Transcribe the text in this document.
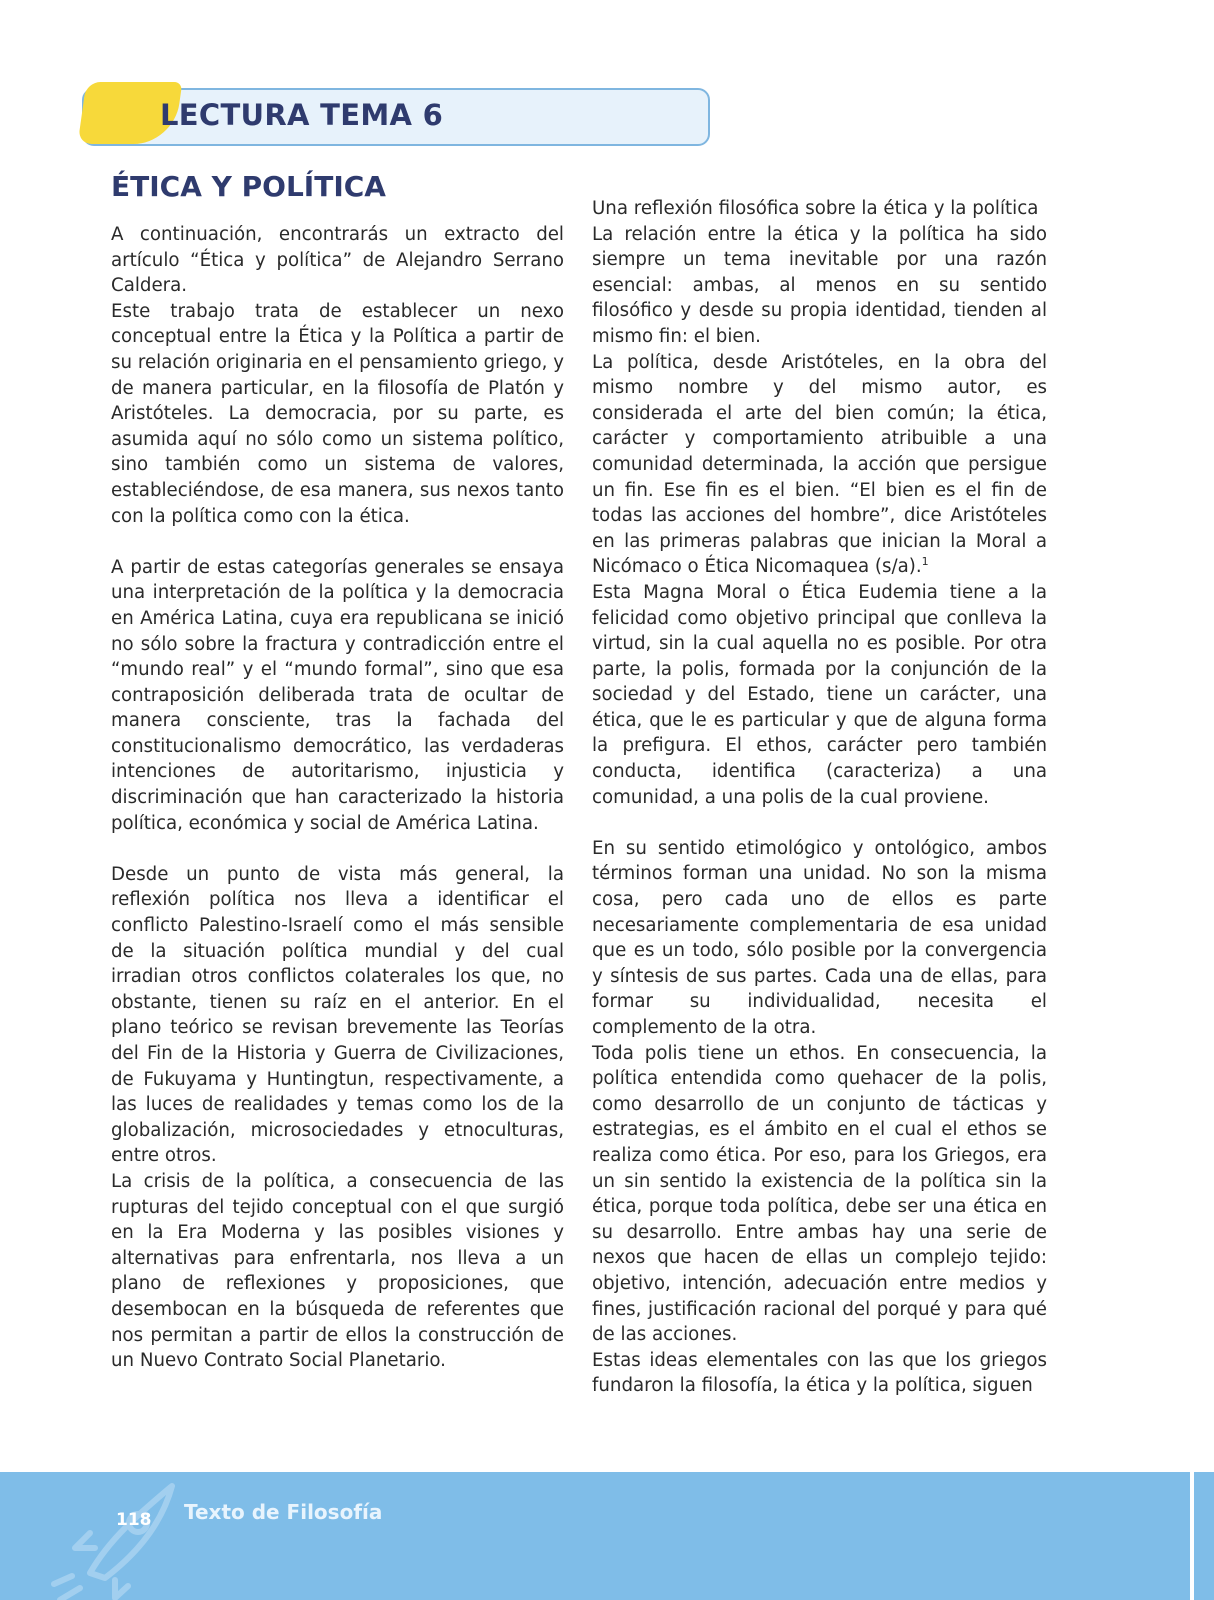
LECTURA TEMA 6
ÉTICA Y POLÍTICA

A continuación, encontrarás un extracto del artículo “Ética y política” de Alejandro Serrano Caldera.

Este trabajo trata de establecer un nexo conceptual entre la Ética y la Política a partir de su relación originaria en el pensamiento griego, y de manera particular, en la filosofía de Platón y Aristóteles. La democracia, por su parte, es asumida aquí no sólo como un sistema político, sino también como un sistema de valores, estableciéndose, de esa manera, sus nexos tanto con la política como con la ética.

A partir de estas categorías generales se ensaya una interpretación de la política y la democracia en América Latina, cuya era republicana se inició no sólo sobre la fractura y contradicción entre el “mundo real” y el “mundo formal”, sino que esa contraposición deliberada trata de ocultar de manera consciente, tras la fachada del constitucionalismo democrático, las verdaderas intenciones de autoritarismo, injusticia y discriminación que han caracterizado la historia política, económica y social de América Latina.

Desde un punto de vista más general, la reflexión política nos lleva a identificar el conflicto Palestino-Israelí como el más sensible de la situación política mundial y del cual irradian otros conflictos colaterales los que, no obstante, tienen su raíz en el anterior. En el plano teórico se revisan brevemente las Teorías del Fin de la Historia y Guerra de Civilizaciones, de Fukuyama y Huntingtun, respectivamente, a las luces de realidades y temas como los de la globalización, microsociedades y etnoculturas, entre otros.

La crisis de la política, a consecuencia de las rupturas del tejido conceptual con el que surgió en la Era Moderna y las posibles visiones y alternativas para enfrentarla, nos lleva a un plano de reflexiones y proposiciones, que desembocan en la búsqueda de referentes que nos permitan a partir de ellos la construcción de un Nuevo Contrato Social Planetario.

Una reflexión filosófica sobre la ética y la política

La relación entre la ética y la política ha sido siempre un tema inevitable por una razón esencial: ambas, al menos en su sentido filosófico y desde su propia identidad, tienden al mismo fin: el bien.

La política, desde Aristóteles, en la obra del mismo nombre y del mismo autor, es considerada el arte del bien común; la ética, carácter y comportamiento atribuible a una comunidad determinada, la acción que persigue un fin. Ese fin es el bien. “El bien es el fin de todas las acciones del hombre”, dice Aristóteles en las primeras palabras que inician la Moral a Nicómaco o Ética Nicomaquea (s/a).$^1$

Esta Magna Moral o Ética Eudemia tiene a la felicidad como objetivo principal que conlleva la virtud, sin la cual aquella no es posible. Por otra parte, la polis, formada por la conjunción de la sociedad y del Estado, tiene un carácter, una ética, que le es particular y que de alguna forma la prefigura. El ethos, carácter pero también conducta, identifica (caracteriza) a una comunidad, a una polis de la cual proviene.

En su sentido etimológico y ontológico, ambos términos forman una unidad. No son la misma cosa, pero cada uno de ellos es parte necesariamente complementaria de esa unidad que es un todo, sólo posible por la convergencia y síntesis de sus partes. Cada una de ellas, para formar su individualidad, necesita el complemento de la otra.

Toda polis tiene un ethos. En consecuencia, la política entendida como quehacer de la polis, como desarrollo de un conjunto de tácticas y estrategias, es el ámbito en el cual el ethos se realiza como ética. Por eso, para los Griegos, era un sin sentido la existencia de la política sin la ética, porque toda política, debe ser una ética en su desarrollo. Entre ambas hay una serie de nexos que hacen de ellas un complejo tejido: objetivo, intención, adecuación entre medios y fines, justificación racional del porqué y para qué de las acciones.

Estas ideas elementales con las que los griegos fundaron la filosofía, la ética y la política, siguen

118 Texto de Filosofía
